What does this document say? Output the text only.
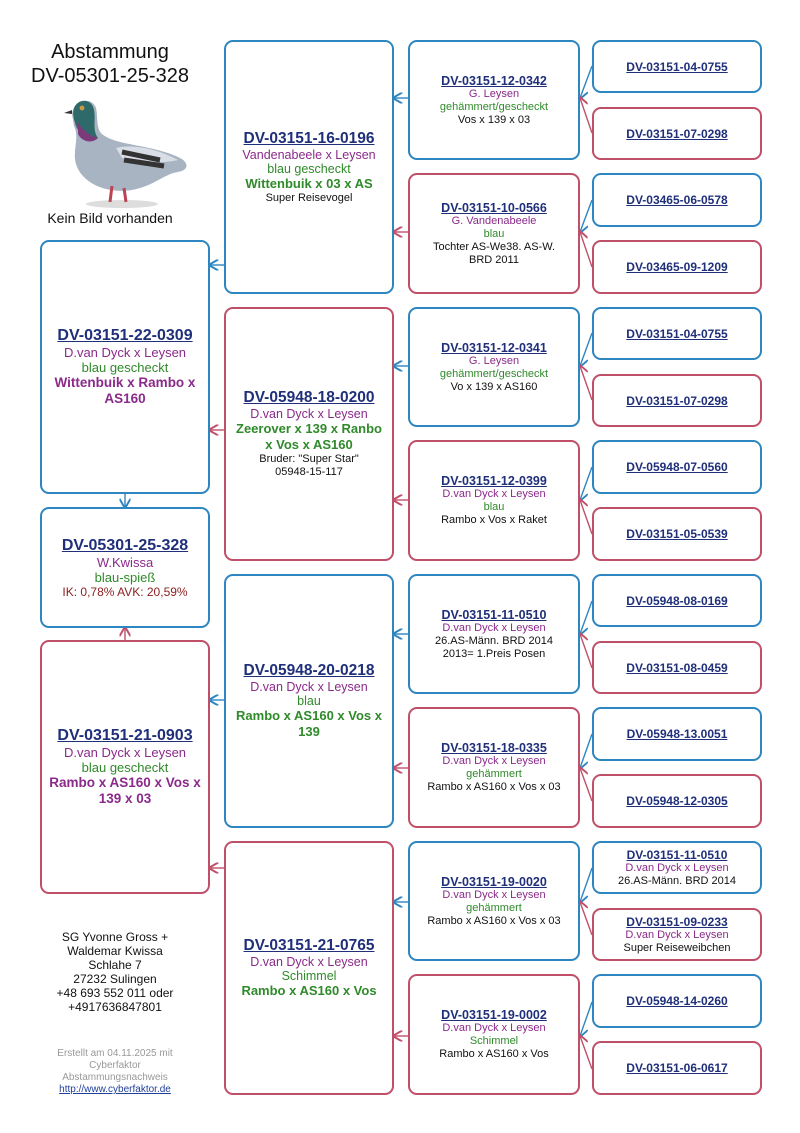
Abstammung
DV-05301-25-328
Kein Bild vorhanden
DV-03151-22-0309
D.van Dyck x Leysen
blau gescheckt
Wittenbuik x Rambo x AS160
DV-05301-25-328
W.Kwissa
blau-spieß
IK: 0,78% AVK: 20,59%
DV-03151-21-0903
D.van Dyck x Leysen
blau gescheckt
Rambo x AS160 x Vos x 139 x 03
DV-03151-16-0196
Vandenabeele x Leysen
blau gescheckt
Wittenbuik x 03 x AS
Super Reisevogel
DV-05948-18-0200
D.van Dyck x Leysen
Zeerover x 139 x Ranbo x Vos x AS160
Bruder: "Super Star"
05948-15-117
DV-05948-20-0218
D.van Dyck x Leysen
blau
Rambo x AS160 x Vos x 139
DV-03151-21-0765
D.van Dyck x Leysen
Schimmel
Rambo x AS160 x Vos
DV-03151-12-0342
G. Leysen
gehämmert/gescheckt
Vos x 139 x 03
DV-03151-10-0566
G. Vandenabeele
blau
Tochter AS-We38. AS-W.
BRD 2011
DV-03151-12-0341
G. Leysen
gehämmert/gescheckt
Vo x 139 x AS160
DV-03151-12-0399
D.van Dyck x Leysen
blau
Rambo x Vos x Raket
DV-03151-11-0510
D.van Dyck x Leysen
26.AS-Männ. BRD 2014
2013= 1.Preis Posen
DV-03151-18-0335
D.van Dyck x Leysen
gehämmert
Rambo x AS160 x Vos x 03
DV-03151-19-0020
D.van Dyck x Leysen
gehämmert
Rambo x AS160 x Vos x 03
DV-03151-19-0002
D.van Dyck x Leysen
Schimmel
Rambo x AS160 x Vos
DV-03151-04-0755
DV-03151-07-0298
DV-03465-06-0578
DV-03465-09-1209
DV-03151-04-0755
DV-03151-07-0298
DV-05948-07-0560
DV-03151-05-0539
DV-05948-08-0169
DV-03151-08-0459
DV-05948-13.0051
DV-05948-12-0305
DV-03151-11-0510
D.van Dyck x Leysen
26.AS-Männ. BRD 2014
DV-03151-09-0233
D.van Dyck x Leysen
Super Reiseweibchen
DV-05948-14-0260
DV-03151-06-0617
SG Yvonne Gross +
Waldemar Kwissa
Schlahe 7
27232 Sulingen
+48 693 552 011 oder
+4917636847801
Erstellt am 04.11.2025 mit
Cyberfaktor
Abstammungsnachweis
http://www.cyberfaktor.de
